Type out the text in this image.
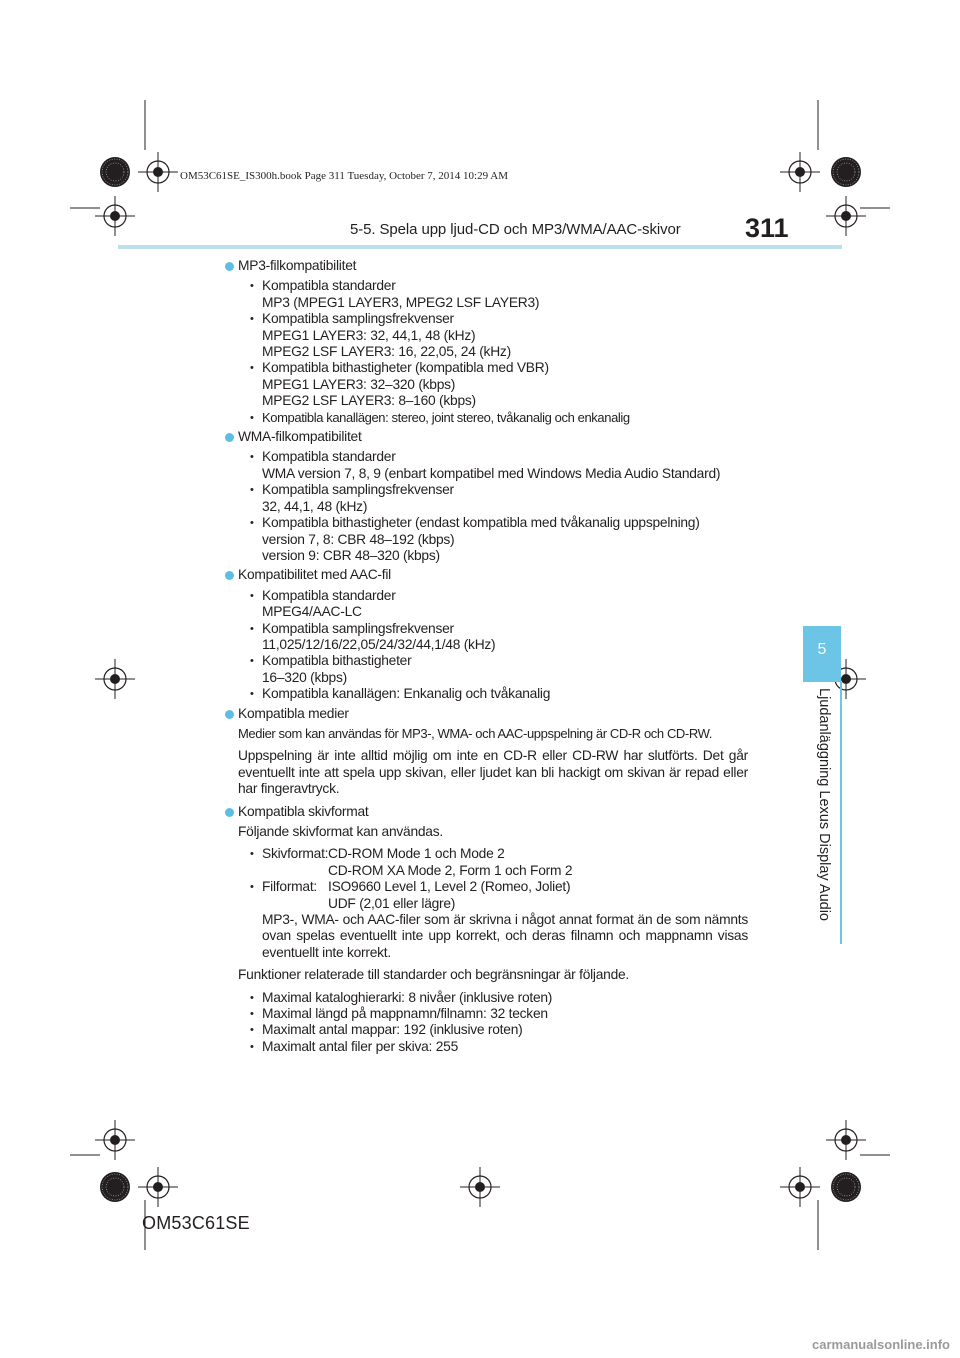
OM53C61SE_IS300h.book Page 311 Tuesday, October 7, 2014 10:29 AM
5-5. Spela upp ljud-CD och MP3/WMA/AAC-skivor 311
5
Ljudanläggning Lexus Display Audio
MP3-filkompatibilitet
• Kompatibla standarder
MP3 (MPEG1 LAYER3, MPEG2 LSF LAYER3)
• Kompatibla samplingsfrekvenser
MPEG1 LAYER3: 32, 44,1, 48 (kHz)
MPEG2 LSF LAYER3: 16, 22,05, 24 (kHz)
• Kompatibla bithastigheter (kompatibla med VBR)
MPEG1 LAYER3: 32–320 (kbps)
MPEG2 LSF LAYER3: 8–160 (kbps)
• Kompatibla kanallägen: stereo, joint stereo, tvåkanalig och enkanalig
WMA-filkompatibilitet
• Kompatibla standarder
WMA version 7, 8, 9 (enbart kompatibel med Windows Media Audio Standard)
• Kompatibla samplingsfrekvenser
32, 44,1, 48 (kHz)
• Kompatibla bithastigheter (endast kompatibla med tvåkanalig uppspelning)
version 7, 8: CBR 48–192 (kbps)
version 9: CBR 48–320 (kbps)
Kompatibilitet med AAC-fil
• Kompatibla standarder
MPEG4/AAC-LC
• Kompatibla samplingsfrekvenser
11,025/12/16/22,05/24/32/44,1/48 (kHz)
• Kompatibla bithastigheter
16–320 (kbps)
• Kompatibla kanallägen: Enkanalig och tvåkanalig
Kompatibla medier
Medier som kan användas för MP3-, WMA- och AAC-uppspelning är CD-R och CD-RW.
Uppspelning är inte alltid möjlig om inte en CD-R eller CD-RW har slutförts. Det går eventuellt inte att spela upp skivan, eller ljudet kan bli hackigt om skivan är repad eller har fingeravtryck.
Kompatibla skivformat
Följande skivformat kan användas.
• Skivformat: CD-ROM Mode 1 och Mode 2
CD-ROM XA Mode 2, Form 1 och Form 2
• Filformat: ISO9660 Level 1, Level 2 (Romeo, Joliet)
UDF (2,01 eller lägre)
MP3-, WMA- och AAC-filer som är skrivna i något annat format än de som nämnts ovan spelas eventuellt inte upp korrekt, och deras filnamn och mappnamn visas eventuellt inte korrekt.
Funktioner relaterade till standarder och begränsningar är följande.
• Maximal kataloghierarki: 8 nivåer (inklusive roten)
• Maximal längd på mappnamn/filnamn: 32 tecken
• Maximalt antal mappar: 192 (inklusive roten)
• Maximalt antal filer per skiva: 255
OM53C61SE
carmanualsonline.info
